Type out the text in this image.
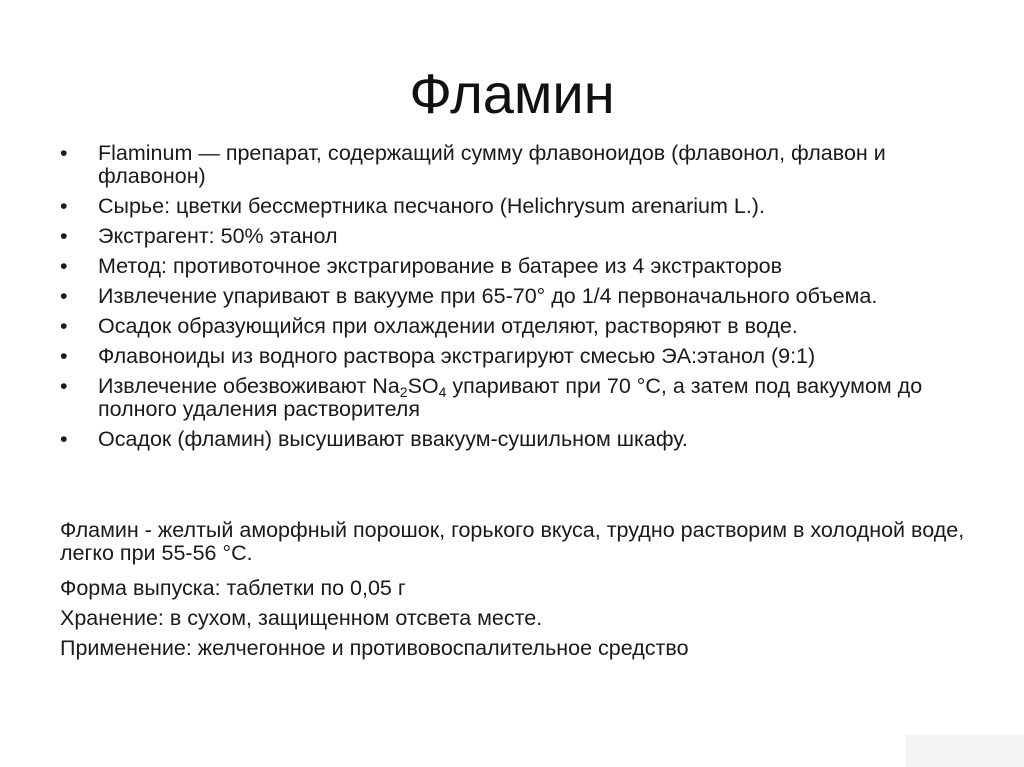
Фламин
•	Flaminum — препарат, содержащий сумму флавоноидов (флавонол, флавон и флавонон)
•	Сырье: цветки бессмертника песчаного (Helichrysum arenarium L.).
•	Экстрагент: 50% этанол
•	Метод: противоточное экстрагирование в батарее из 4 экстракторов
•	Извлечение упаривают в вакууме при 65-70° до 1/4 первоначального объема.
•	Осадок образующийся при охлаждении отделяют, растворяют в воде.
•	Флавоноиды из водного раствора экстрагируют смесью ЭА:этанол (9:1)
•	Извлечение обезвоживают $Na_2SO_4$ упаривают при 70 °С, а затем под вакуумом до полного удаления растворителя
•	Осадок (фламин) высушивают ввакуум-сушильном шкафу.

Фламин - желтый аморфный порошок, горького вкуса, трудно растворим в холодной воде, легко при 55-56 °С.

Форма выпуска: таблетки по 0,05 г

Хранение: в сухом, защищенном отсвета месте.

Применение: желчегонное и противовоспалительное средство
